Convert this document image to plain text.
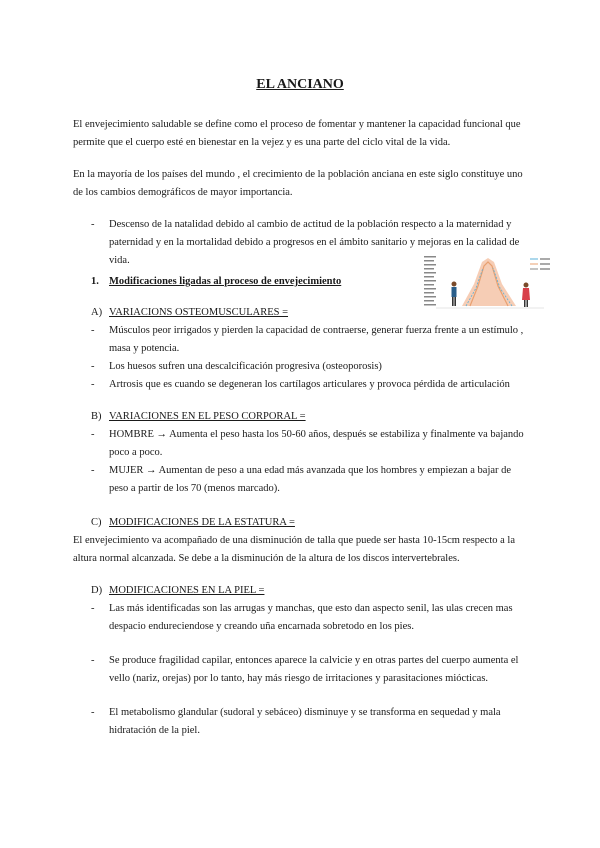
EL ANCIANO
El envejecimiento saludable se define como el proceso de fomentar y mantener la capacidad funcional que permite que el cuerpo esté en bienestar en la vejez y es una parte del ciclo vital de la vida.
En la mayoría de los países del mundo , el crecimiento de la población anciana en este siglo constituye uno de los cambios demográficos de mayor importancia.
-	Descenso de la natalidad debido al cambio de actitud de la población respecto a la maternidad y paternidad y en la mortalidad debido a progresos en el ámbito sanitario y mejoras en la calidad de vida.
1. Modificaciones ligadas al proceso de envejecimiento
A) VARIACIONS OSTEOMUSCULARES =
-	Músculos peor irrigados y pierden la capacidad de contraerse, generar fuerza frente a un estímulo , masa y potencia.
-	Los huesos sufren una descalcificación progresiva (osteoporosis)
-	Artrosis que es cuando se degeneran los cartílagos articulares y provoca pérdida de articulación
B) VARIACIONES EN EL PESO CORPORAL =
-	HOMBRE → Aumenta el peso hasta los 50-60 años, después se estabiliza y finalmente va bajando poco a poco.
-	MUJER → Aumentan de peso a una edad más avanzada que los hombres y empiezan a bajar de peso a partir de los 70 (menos marcado).
C) MODIFICACIONES DE LA ESTATURA =
El envejecimiento va acompañado de una disminución de talla que puede ser hasta 10-15cm respecto a la altura normal alcanzada. Se debe a la disminución de la altura de los discos intervertebrales.
D) MODIFICACIONES EN LA PIEL =
-	Las más identificadas son las arrugas y manchas, que esto dan aspecto senil, las ulas crecen mas despacio endureciendose y creando uña encarnada sobretodo en los pies.
-	Se produce fragilidad capilar, entonces aparece la calvicie y en otras partes del cuerpo aumenta el vello (nariz, orejas) por lo tanto, hay más riesgo de irritaciones y parasitaciones miócticas.
-	El metabolismo glandular (sudoral y sebáceo) disminuye y se transforma en sequedad y mala hidratación de la piel.
